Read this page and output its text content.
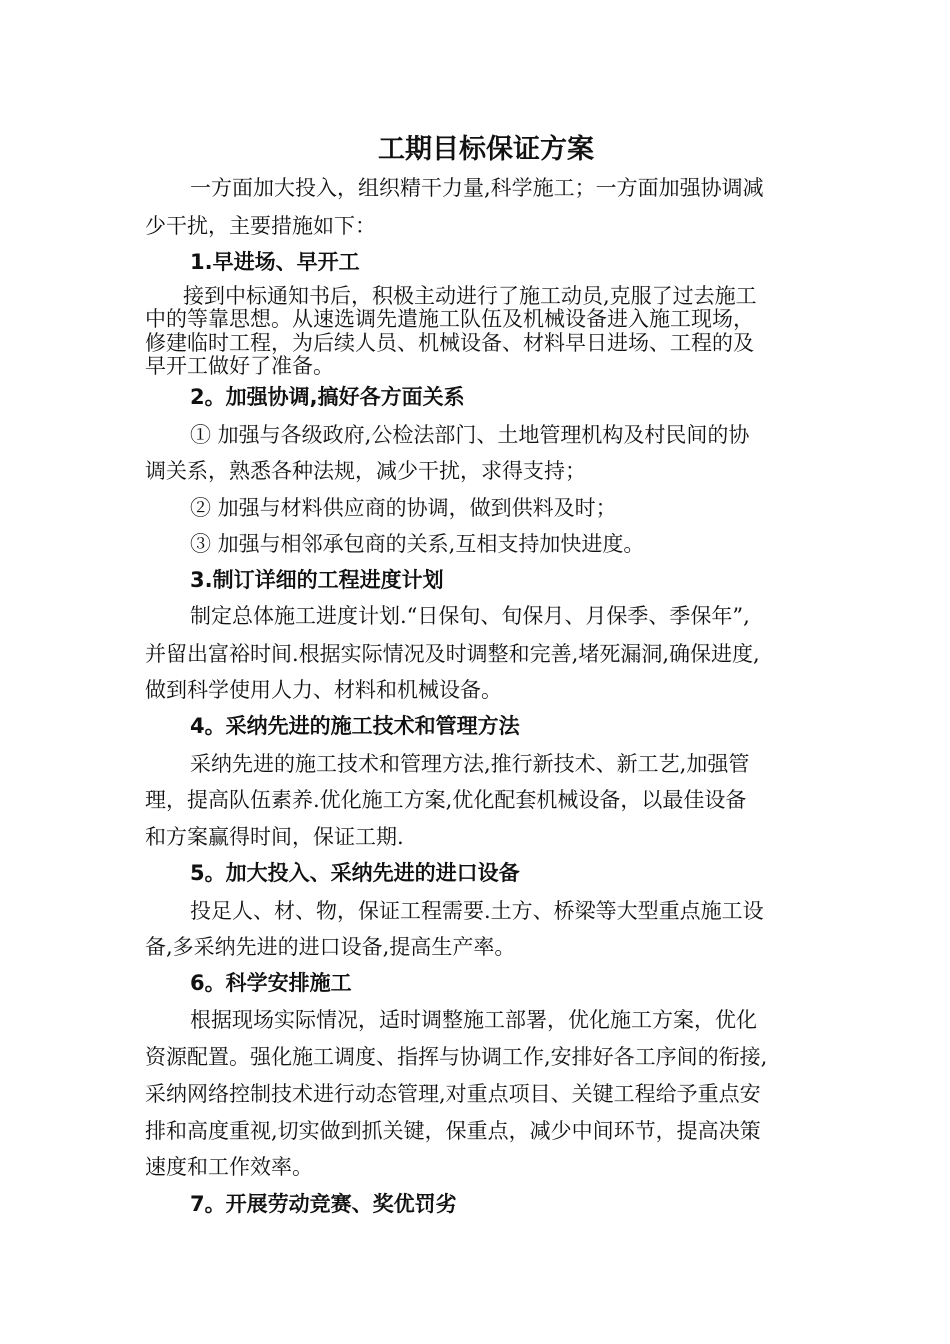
工期目标保证方案
一方面加大投入，组织精干力量,科学施工；一方面加强协调减
少干扰，主要措施如下：
1.早进场、早开工
接到中标通知书后，积极主动进行了施工动员,克服了过去施工
中的等靠思想。从速选调先遣施工队伍及机械设备进入施工现场，
修建临时工程，为后续人员、机械设备、材料早日进场、工程的及
早开工做好了准备。
2。加强协调,搞好各方面关系
① 加强与各级政府,公检法部门、土地管理机构及村民间的协
调关系，熟悉各种法规，减少干扰，求得支持；
② 加强与材料供应商的协调，做到供料及时；
③ 加强与相邻承包商的关系,互相支持加快进度。
3.制订详细的工程进度计划
制定总体施工进度计划.“日保旬、旬保月、月保季、季保年”,
并留出富裕时间.根据实际情况及时调整和完善,堵死漏洞,确保进度,
做到科学使用人力、材料和机械设备。
4。采纳先进的施工技术和管理方法
采纳先进的施工技术和管理方法,推行新技术、新工艺,加强管
理，提高队伍素养.优化施工方案,优化配套机械设备，以最佳设备
和方案赢得时间，保证工期.
5。加大投入、采纳先进的进口设备
投足人、材、物，保证工程需要.土方、桥梁等大型重点施工设
备,多采纳先进的进口设备,提高生产率。
6。科学安排施工
根据现场实际情况，适时调整施工部署，优化施工方案，优化
资源配置。强化施工调度、指挥与协调工作,安排好各工序间的衔接,
采纳网络控制技术进行动态管理,对重点项目、关键工程给予重点安
排和高度重视,切实做到抓关键，保重点，减少中间环节，提高决策
速度和工作效率。
7。开展劳动竞赛、奖优罚劣
